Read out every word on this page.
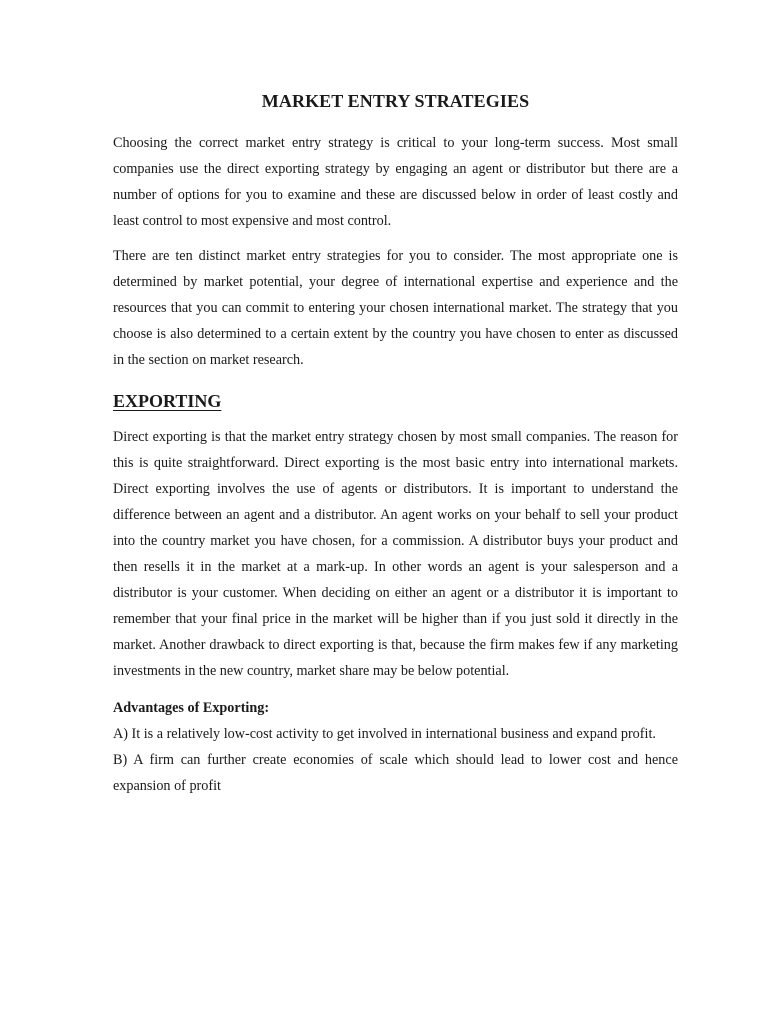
MARKET ENTRY STRATEGIES

Choosing the correct market entry strategy is critical to your long-term success. Most small companies use the direct exporting strategy by engaging an agent or distributor but there are a number of options for you to examine and these are discussed below in order of least costly and least control to most expensive and most control.

There are ten distinct market entry strategies for you to consider. The most appropriate one is determined by market potential, your degree of international expertise and experience and the resources that you can commit to entering your chosen international market. The strategy that you choose is also determined to a certain extent by the country you have chosen to enter as discussed in the section on market research.

EXPORTING

Direct exporting is that the market entry strategy chosen by most small companies. The reason for this is quite straightforward. Direct exporting is the most basic entry into international markets. Direct exporting involves the use of agents or distributors. It is important to understand the difference between an agent and a distributor. An agent works on your behalf to sell your product into the country market you have chosen, for a commission. A distributor buys your product and then resells it in the market at a mark-up. In other words an agent is your salesperson and a distributor is your customer. When deciding on either an agent or a distributor it is important to remember that your final price in the market will be higher than if you just sold it directly in the market. Another drawback to direct exporting is that, because the firm makes few if any marketing investments in the new country, market share may be below potential.

Advantages of Exporting:

A) It is a relatively low-cost activity to get involved in international business and expand profit.

B) A firm can further create economies of scale which should lead to lower cost and hence expansion of profit
